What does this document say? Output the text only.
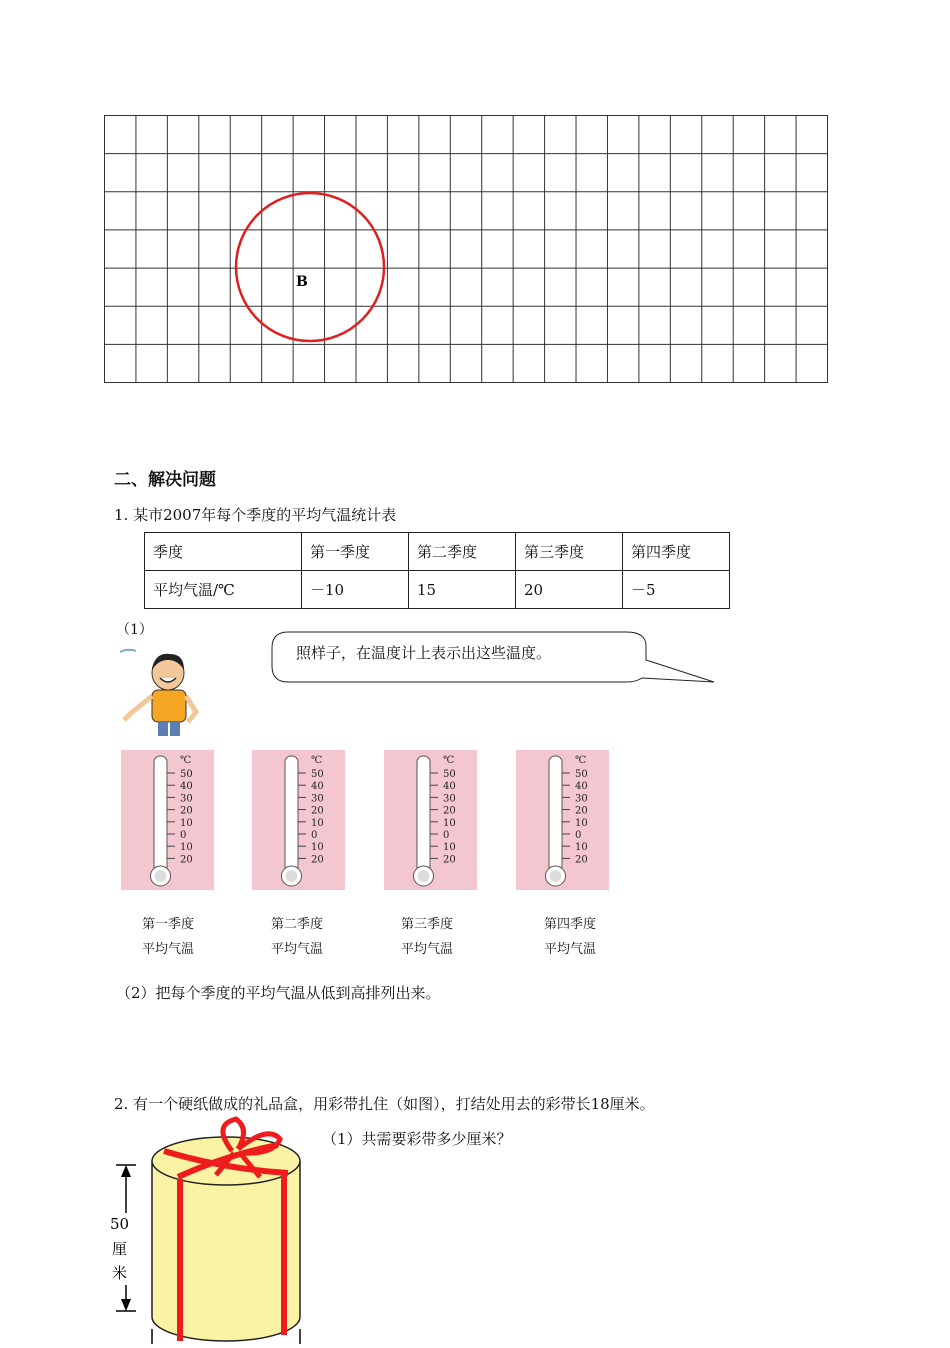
B
二、解决问题
1. 某市2007年每个季度的平均气温统计表
季度	第一季度	第二季度	第三季度	第四季度
平均气温/℃	－10	15	20	－5
（1）
照样子，在温度计上表示出这些温度。
℃
50
40
30
20
10
0
10
20
℃
50
40
30
20
10
0
10
20
℃
50
40
30
20
10
0
10
20
℃
50
40
30
20
10
0
10
20
第一季度
平均气温
第二季度
平均气温
第三季度
平均气温
第四季度
平均气温
（2）把每个季度的平均气温从低到高排列出来。
2. 有一个硬纸做成的礼品盒，用彩带扎住（如图），打结处用去的彩带长18厘米。
（1）共需要彩带多少厘米？
50
厘
米
